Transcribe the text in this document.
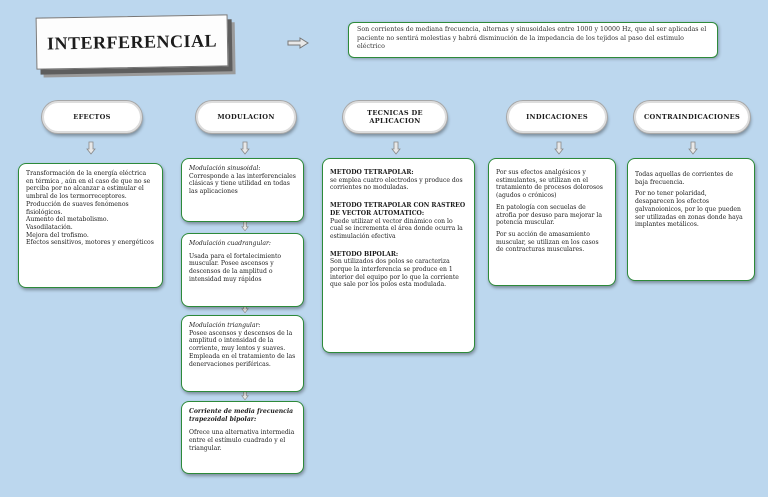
INTERFERENCIAL
Son corrientes de mediana frecuencia, alternas y sinusoidales entre 1000 y 10000 Hz, que al ser aplicadas el paciente no sentirá molestias y habrá disminución de la impedancia de los tejidos al paso del estimulo eléctrico
EFECTOS	MODULACION	TECNICAS DE APLICACION	INDICACIONES	CONTRAINDICACIONES
Transformación de la energía eléctrica en térmica , aún en el caso de que no se perciba por no alcanzar a estimular el umbral de los termorreceptores.
Producción de suaves fenómenos fisiológicos.
Aumento del metabolismo.
Vasodilatación.
Mejora del trofismo.
Efectos sensitivos, motores y energéticos
Modulación sinusoidal:
Corresponde a las interferenciales clásicas y tiene utilidad en todas las aplicaciones
Modulación cuadrangular:
Usada para el fortalecimiento muscular. Posee ascensos y descensos de la amplitud o intensidad muy rápidos
Modulación triangular:
Posee ascensos y descensos de la amplitud o intensidad de la corriente, muy lentos y suaves. Empleada en el tratamiento de las denervaciones periféricas.
Corriente de media frecuencia trapezoidal bipolar:
Ofrece una alternativa intermedia entre el estímulo cuadrado y el triangular.

METODO TETRAPOLAR:
se emplea cuatro electrodos y produce dos corrientes no moduladas.

METODO TETRAPOLAR CON RASTREO DE VECTOR AUTOMATICO:
Puede utilizar el vector dinámico con lo cual se incrementa el área donde ocurra la estimulación efectiva

METODO BIPOLAR:
Son utilizados dos polos se caracteriza porque la interferencia se produce en 1 interior del equipo por lo que la corriente que sale por los polos esta modulada.

Por sus efectos analgésicos y estimulantes, se utilizan en el tratamiento de procesos dolorosos (agudos o crónicos)

En patología con secuelas de atrofia por desuso para mejorar la potencia muscular.

Por su acción de amasamiento muscular, se utilizan en los casos de contracturas musculares.

Todas aquellas de corrientes de baja frecuencia.

Por no tener polaridad, desaparecen los efectos galvanoionicos, por lo que pueden ser utilizadas en zonas donde haya implantes metálicos.
